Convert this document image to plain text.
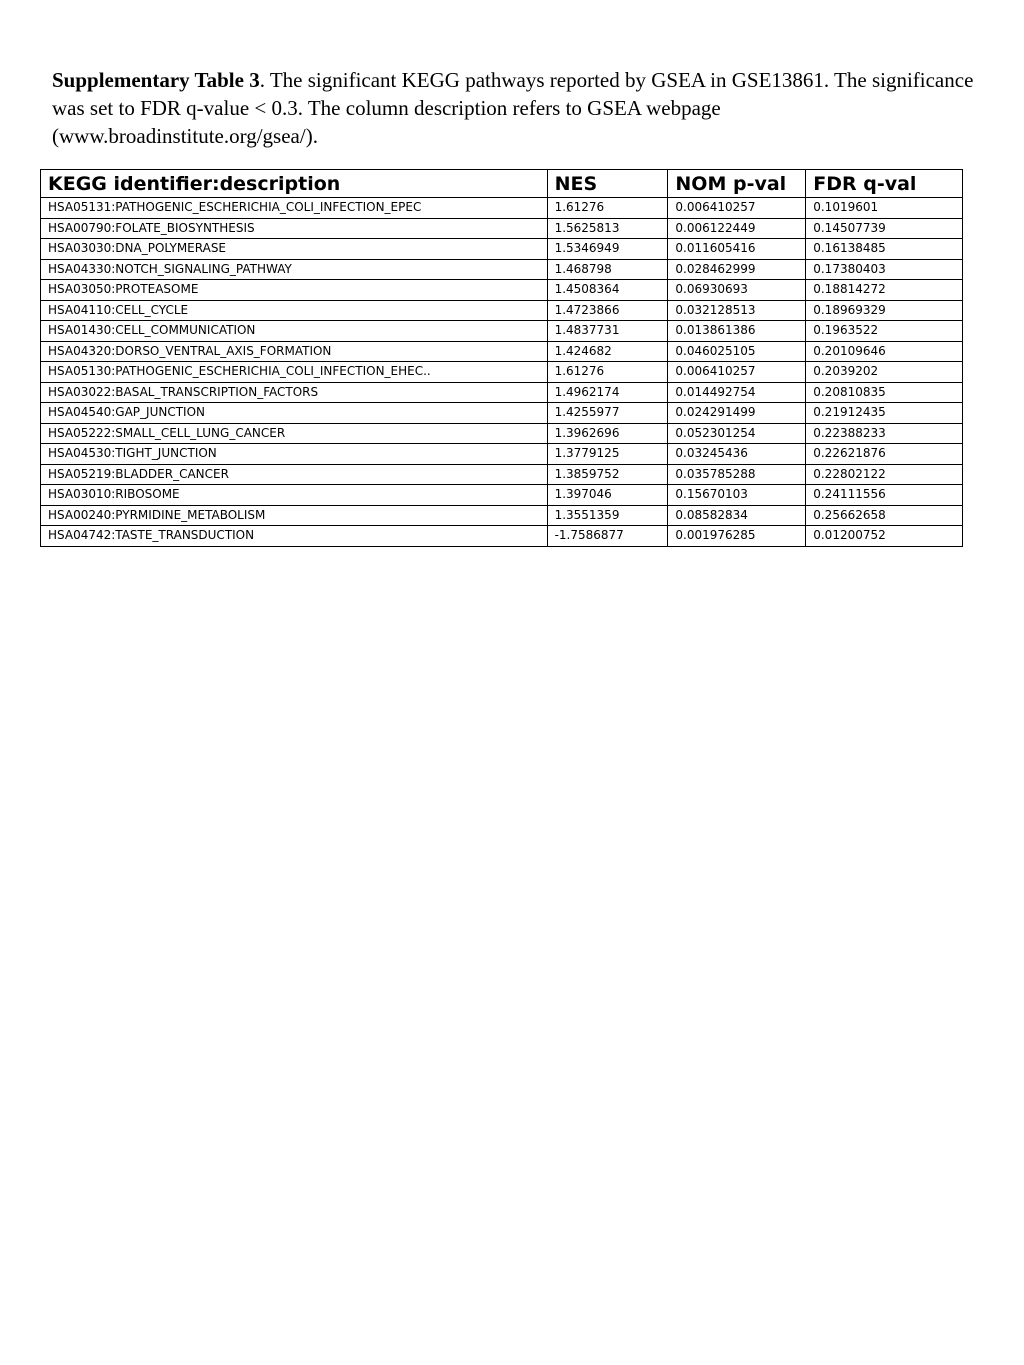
Supplementary Table 3. The significant KEGG pathways reported by GSEA in GSE13861. The significance was set to FDR q-value < 0.3. The column description refers to GSEA webpage (www.broadinstitute.org/gsea/).
KEGG identifier:description	NES	NOM p-val	FDR q-val
HSA05131:PATHOGENIC_ESCHERICHIA_COLI_INFECTION_EPEC	1.61276	0.006410257	0.1019601
HSA00790:FOLATE_BIOSYNTHESIS	1.5625813	0.006122449	0.14507739
HSA03030:DNA_POLYMERASE	1.5346949	0.011605416	0.16138485
HSA04330:NOTCH_SIGNALING_PATHWAY	1.468798	0.028462999	0.17380403
HSA03050:PROTEASOME	1.4508364	0.06930693	0.18814272
HSA04110:CELL_CYCLE	1.4723866	0.032128513	0.18969329
HSA01430:CELL_COMMUNICATION	1.4837731	0.013861386	0.1963522
HSA04320:DORSO_VENTRAL_AXIS_FORMATION	1.424682	0.046025105	0.20109646
HSA05130:PATHOGENIC_ESCHERICHIA_COLI_INFECTION_EHEC..	1.61276	0.006410257	0.2039202
HSA03022:BASAL_TRANSCRIPTION_FACTORS	1.4962174	0.014492754	0.20810835
HSA04540:GAP_JUNCTION	1.4255977	0.024291499	0.21912435
HSA05222:SMALL_CELL_LUNG_CANCER	1.3962696	0.052301254	0.22388233
HSA04530:TIGHT_JUNCTION	1.3779125	0.03245436	0.22621876
HSA05219:BLADDER_CANCER	1.3859752	0.035785288	0.22802122
HSA03010:RIBOSOME	1.397046	0.15670103	0.24111556
HSA00240:PYRMIDINE_METABOLISM	1.3551359	0.08582834	0.25662658
HSA04742:TASTE_TRANSDUCTION	-1.7586877	0.001976285	0.01200752
